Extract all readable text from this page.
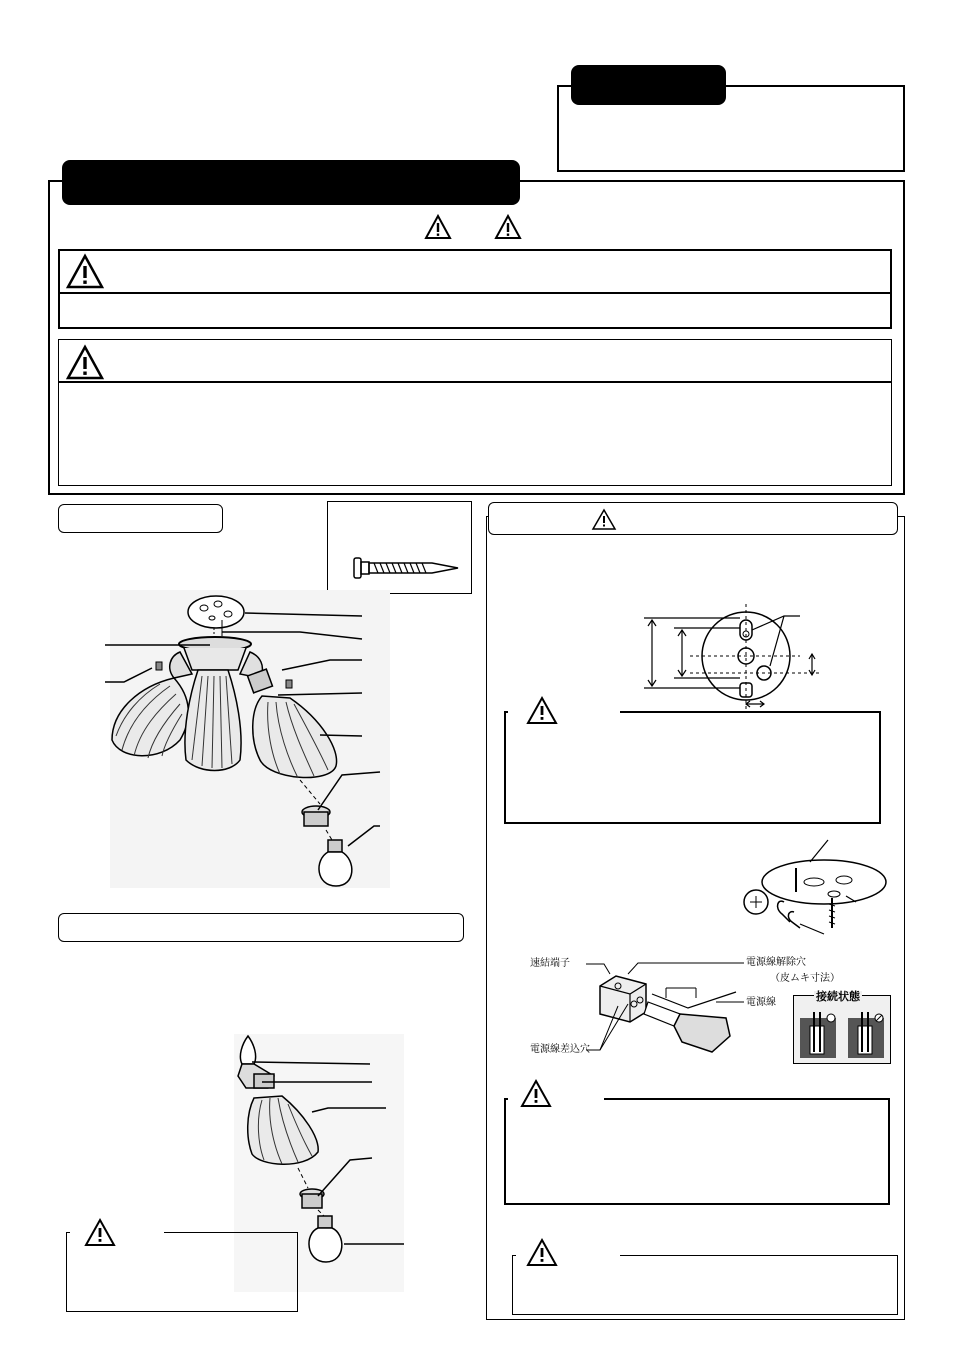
速結端子	電源線解除穴
（皮ムキ寸法）
電源線
電源線差込穴
接続状態
